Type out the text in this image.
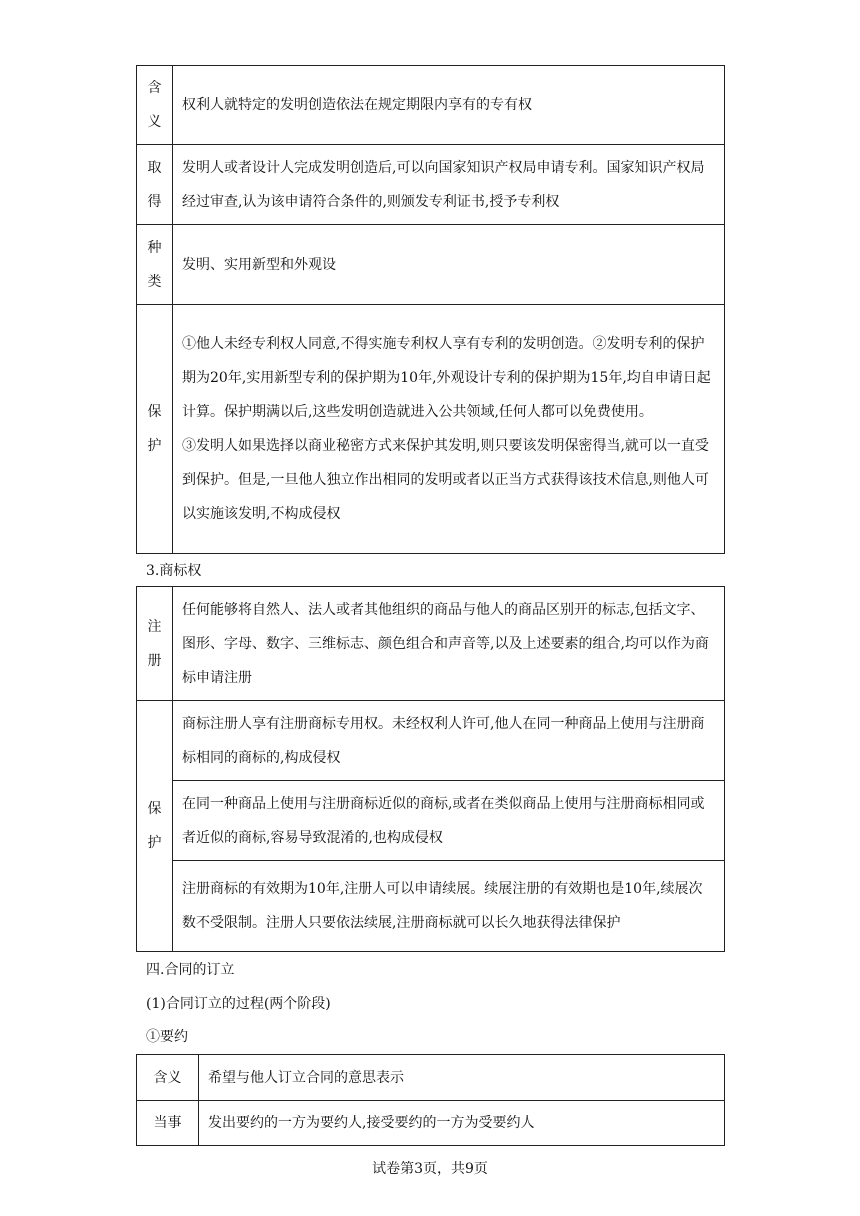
含义	权利人就特定的发明创造依法在规定期限内享有的专有权

取得	发明人或者设计人完成发明创造后,可以向国家知识产权局申请专利。国家知识产权局经过审查,认为该申请符合条件的,则颁发专利证书,授予专利权

种类	发明、实用新型和外观设

保护	①他人未经专利权人同意,不得实施专利权人享有专利的发明创造。②发明专利的保护期为20年,实用新型专利的保护期为10年,外观设计专利的保护期为15年,均自申请日起计算。保护期满以后,这些发明创造就进入公共领域,任何人都可以免费使用。
③发明人如果选择以商业秘密方式来保护其发明,则只要该发明保密得当,就可以一直受到保护。但是,一旦他人独立作出相同的发明或者以正当方式获得该技术信息,则他人可以实施该发明,不构成侵权
3.商标权
注册	任何能够将自然人、法人或者其他组织的商品与他人的商品区别开的标志,包括文字、图形、字母、数字、三维标志、颜色组合和声音等,以及上述要素的组合,均可以作为商标申请注册

保护	商标注册人享有注册商标专用权。未经权利人许可,他人在同一种商品上使用与注册商标相同的商标的,构成侵权
	在同一种商品上使用与注册商标近似的商标,或者在类似商品上使用与注册商标相同或者近似的商标,容易导致混淆的,也构成侵权
	注册商标的有效期为10年,注册人可以申请续展。续展注册的有效期也是10年,续展次数不受限制。注册人只要依法续展,注册商标就可以长久地获得法律保护
四.合同的订立
(1)合同订立的过程(两个阶段)
①要约
含义	希望与他人订立合同的意思表示
当事	发出要约的一方为要约人,接受要约的一方为受要约人
试卷第3页，共9页
